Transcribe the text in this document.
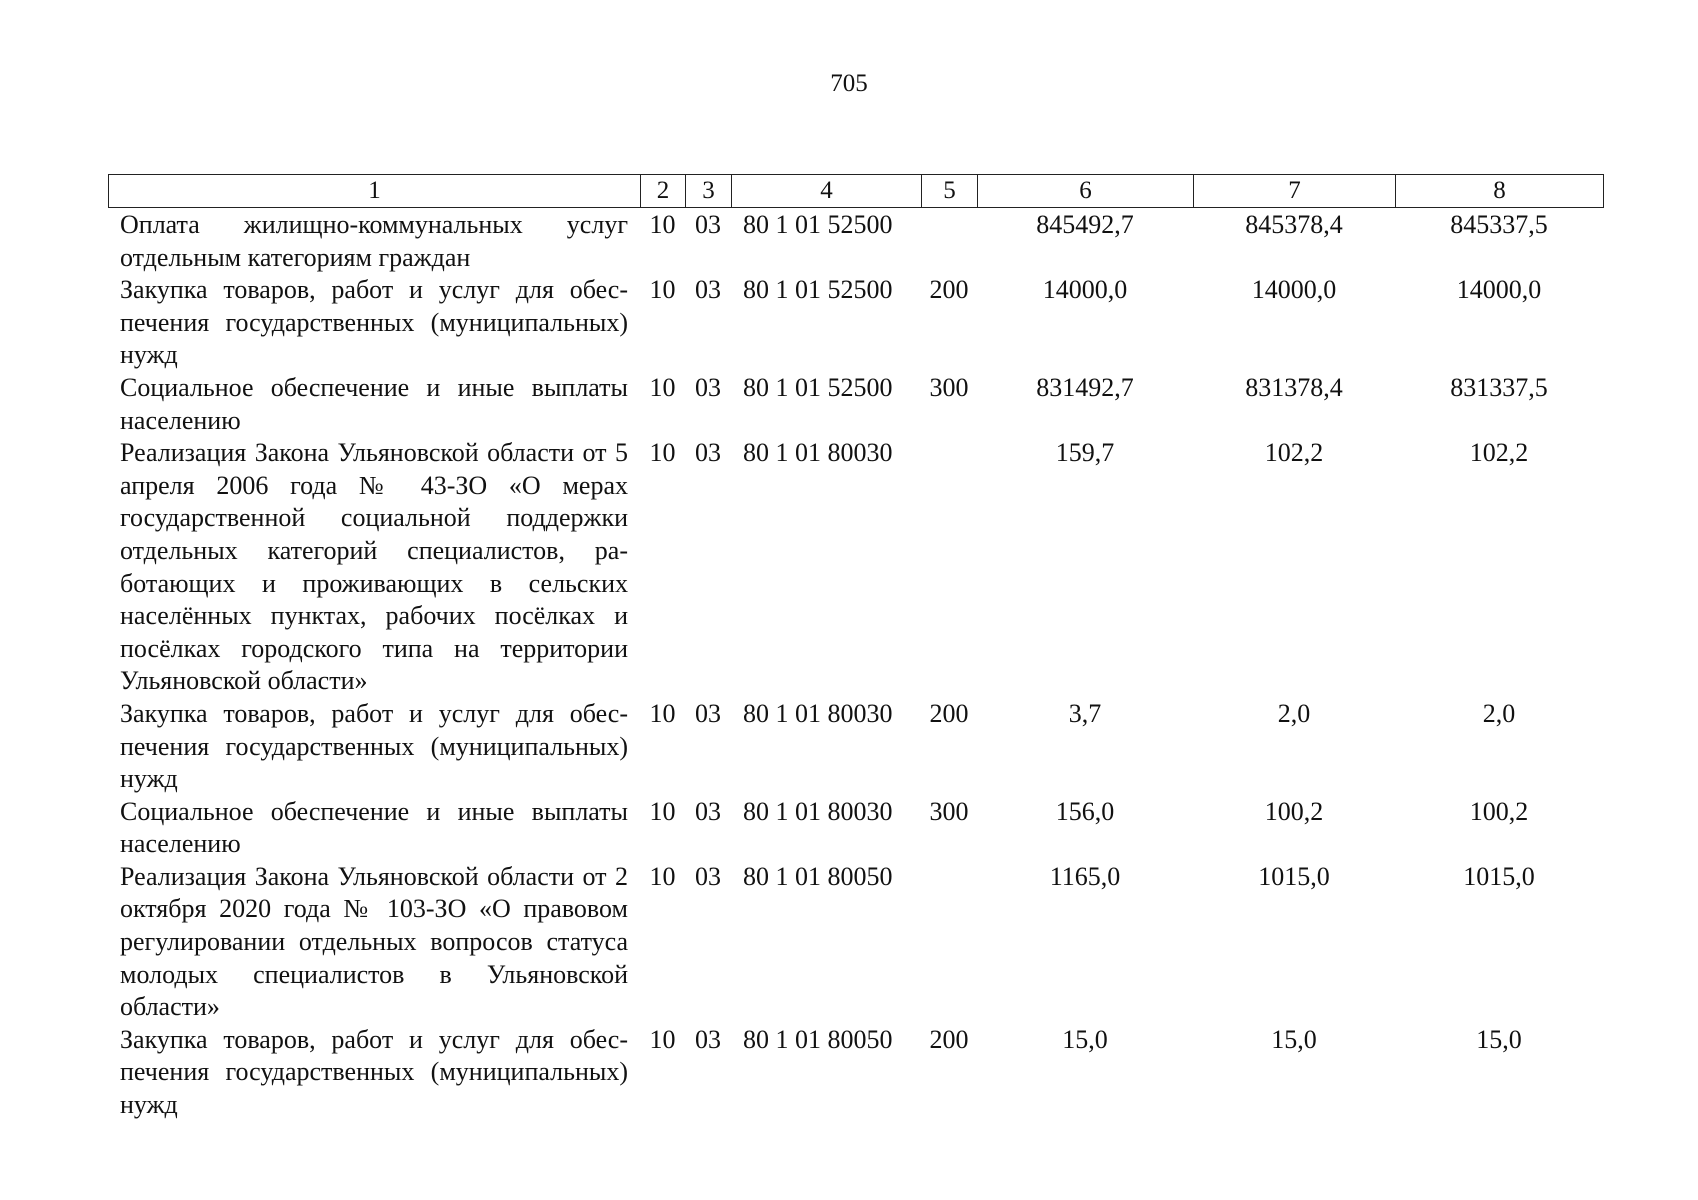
705
1	2	3	4	5	6	7	8
Оплата жилищно-коммунальных услуг отдельным категориям граждан	10	03	80 1 01 52500		845492,7	845378,4	845337,5
Закупка товаров, работ и услуг для обеспечения государственных (муниципальных) нужд	10	03	80 1 01 52500	200	14000,0	14000,0	14000,0
Социальное обеспечение и иные выплаты населению	10	03	80 1 01 52500	300	831492,7	831378,4	831337,5
Реализация Закона Ульяновской области от 5 апреля 2006 года № 43-ЗО «О мерах государственной социальной поддержки отдельных категорий специалистов, работающих и проживающих в сельских населённых пунктах, рабочих посёлках и посёлках городского типа на территории Ульяновской области»	10	03	80 1 01 80030		159,7	102,2	102,2
Закупка товаров, работ и услуг для обеспечения государственных (муниципальных) нужд	10	03	80 1 01 80030	200	3,7	2,0	2,0
Социальное обеспечение и иные выплаты населению	10	03	80 1 01 80030	300	156,0	100,2	100,2
Реализация Закона Ульяновской области от 2 октября 2020 года № 103-ЗО «О правовом регулировании отдельных вопросов статуса молодых специалистов в Ульяновской области»	10	03	80 1 01 80050		1165,0	1015,0	1015,0
Закупка товаров, работ и услуг для обеспечения государственных (муниципальных) нужд	10	03	80 1 01 80050	200	15,0	15,0	15,0
